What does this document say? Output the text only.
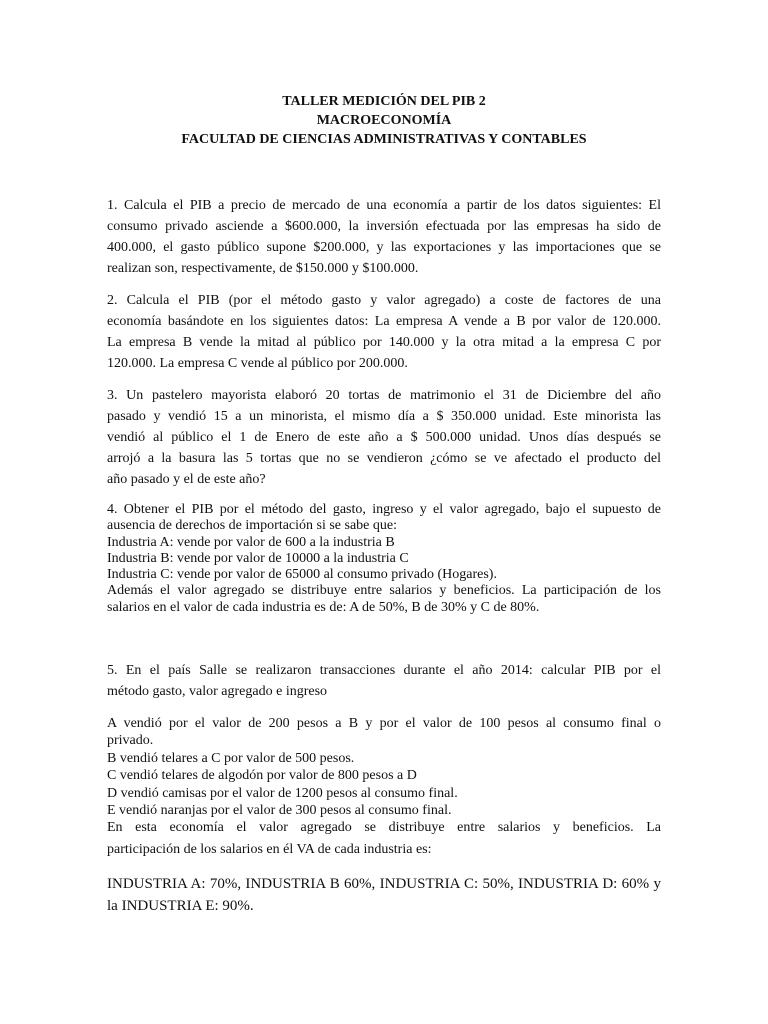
TALLER MEDICIÓN DEL PIB 2
MACROECONOMÍA
FACULTAD DE CIENCIAS ADMINISTRATIVAS Y CONTABLES
1. Calcula el PIB a precio de mercado de una economía a partir de los datos siguientes: El
consumo privado asciende a $600.000, la inversión efectuada por las empresas ha sido de
400.000, el gasto público supone $200.000, y las exportaciones y las importaciones que se
realizan son, respectivamente, de $150.000 y $100.000.
2. Calcula el PIB (por el método gasto y valor agregado) a coste de factores de una
economía basándote en los siguientes datos: La empresa A vende a B por valor de 120.000.
La empresa B vende la mitad al público por 140.000 y la otra mitad a la empresa C por
120.000. La empresa C vende al público por 200.000.
3. Un pastelero mayorista elaboró 20 tortas de matrimonio el 31 de Diciembre del año
pasado y vendió 15 a un minorista, el mismo día a $ 350.000 unidad. Este minorista las
vendió al público el 1 de Enero de este año a $ 500.000 unidad. Unos días después se
arrojó a la basura las 5 tortas que no se vendieron ¿cómo se ve afectado el producto del
año pasado y el de este año?
4. Obtener el PIB por el método del gasto, ingreso y el valor agregado, bajo el supuesto de
ausencia de derechos de importación si se sabe que:
Industria A: vende por valor de 600 a la industria B
Industria B: vende por valor de 10000 a la industria C
Industria C: vende por valor de 65000 al consumo privado (Hogares).
Además el valor agregado se distribuye entre salarios y beneficios. La participación de los
salarios en el valor de cada industria es de: A de 50%, B de 30% y C de 80%.
5. En el país Salle se realizaron transacciones durante el año 2014: calcular PIB por el
método gasto, valor agregado e ingreso
A vendió por el valor de 200 pesos a B y por el valor de 100 pesos al consumo final o
privado.
B vendió telares a C por valor de 500 pesos.
C vendió telares de algodón por valor de 800 pesos a D
D vendió camisas por el valor de 1200 pesos al consumo final.
E vendió naranjas por el valor de 300 pesos al consumo final.
En esta economía el valor agregado se distribuye entre salarios y beneficios. La
participación de los salarios en él VA de cada industria es:
INDUSTRIA A: 70%, INDUSTRIA B 60%, INDUSTRIA C: 50%, INDUSTRIA D: 60% y
la INDUSTRIA E: 90%.
